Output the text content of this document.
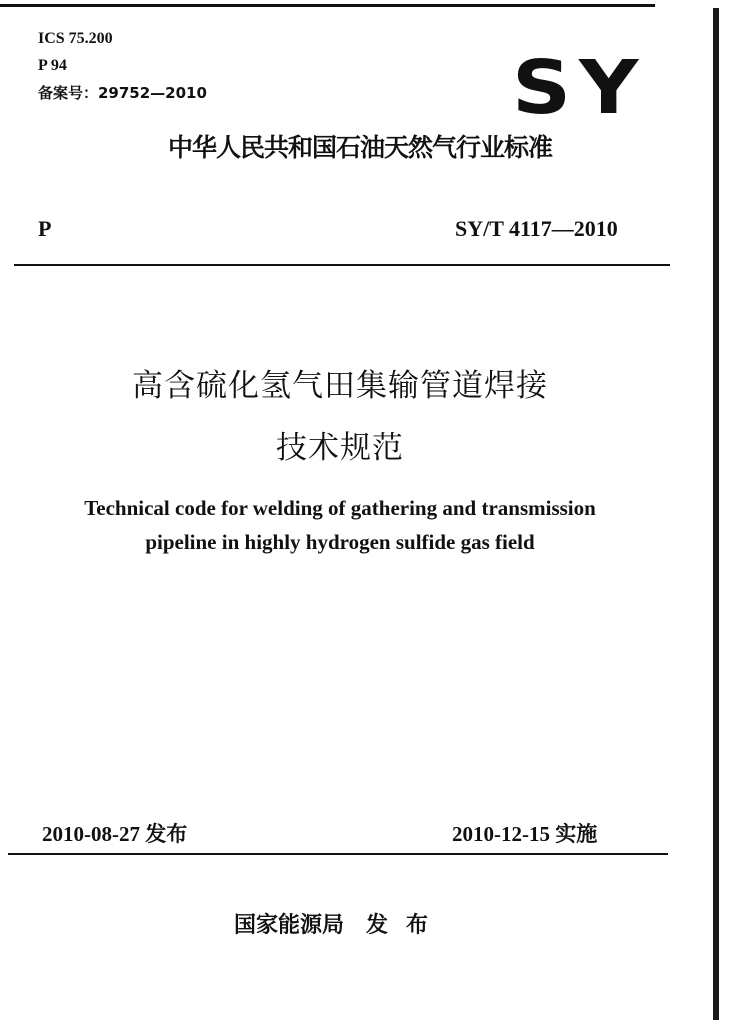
ICS 75.200
P 94
备案号：29752—2010	SY
中华人民共和国石油天然气行业标准
P	SY/T 4117—2010
高含硫化氢气田集输管道焊接
技术规范
Technical code for welding of gathering and transmission
pipeline in highly hydrogen sulfide gas field
2010-08-27 发布	2010-12-15 实施
国家能源局 发 布
